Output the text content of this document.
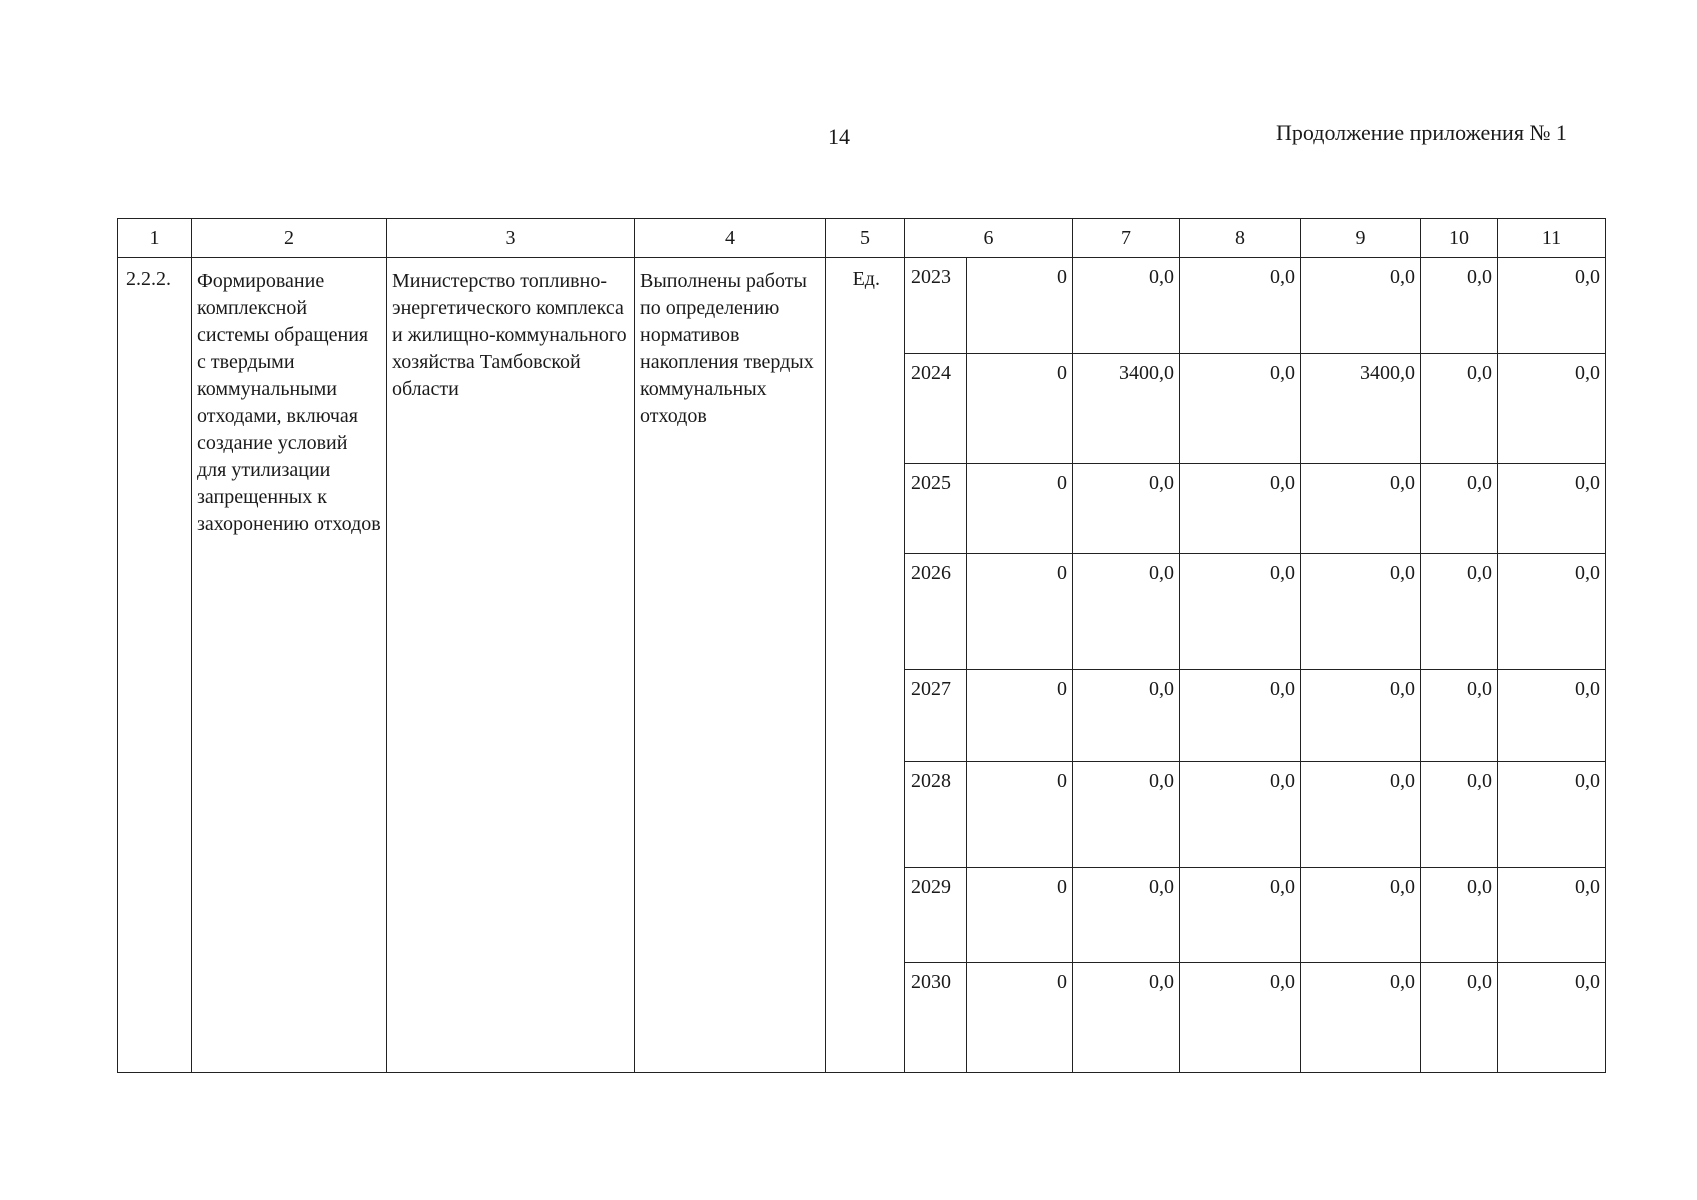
14	Продолжение приложения № 1
1	2	3	4	5	6		7	8	9	10	11
2.2.2.	Формирование комплексной системы обращения с твердыми коммунальными отходами, включая создание условий для утилизации запрещенных к захоронению отходов	Министерство топливно-энергетического комплекса и жилищно-коммунального хозяйства Тамбовской области	Выполнены работы по определению нормативов накопления твердых коммунальных отходов	Ед.	2023	0	0,0	0,0	0,0	0,0	0,0
					2024	0	3400,0	0,0	3400,0	0,0	0,0
					2025	0	0,0	0,0	0,0	0,0	0,0
					2026	0	0,0	0,0	0,0	0,0	0,0
					2027	0	0,0	0,0	0,0	0,0	0,0
					2028	0	0,0	0,0	0,0	0,0	0,0
					2029	0	0,0	0,0	0,0	0,0	0,0
					2030	0	0,0	0,0	0,0	0,0	0,0
